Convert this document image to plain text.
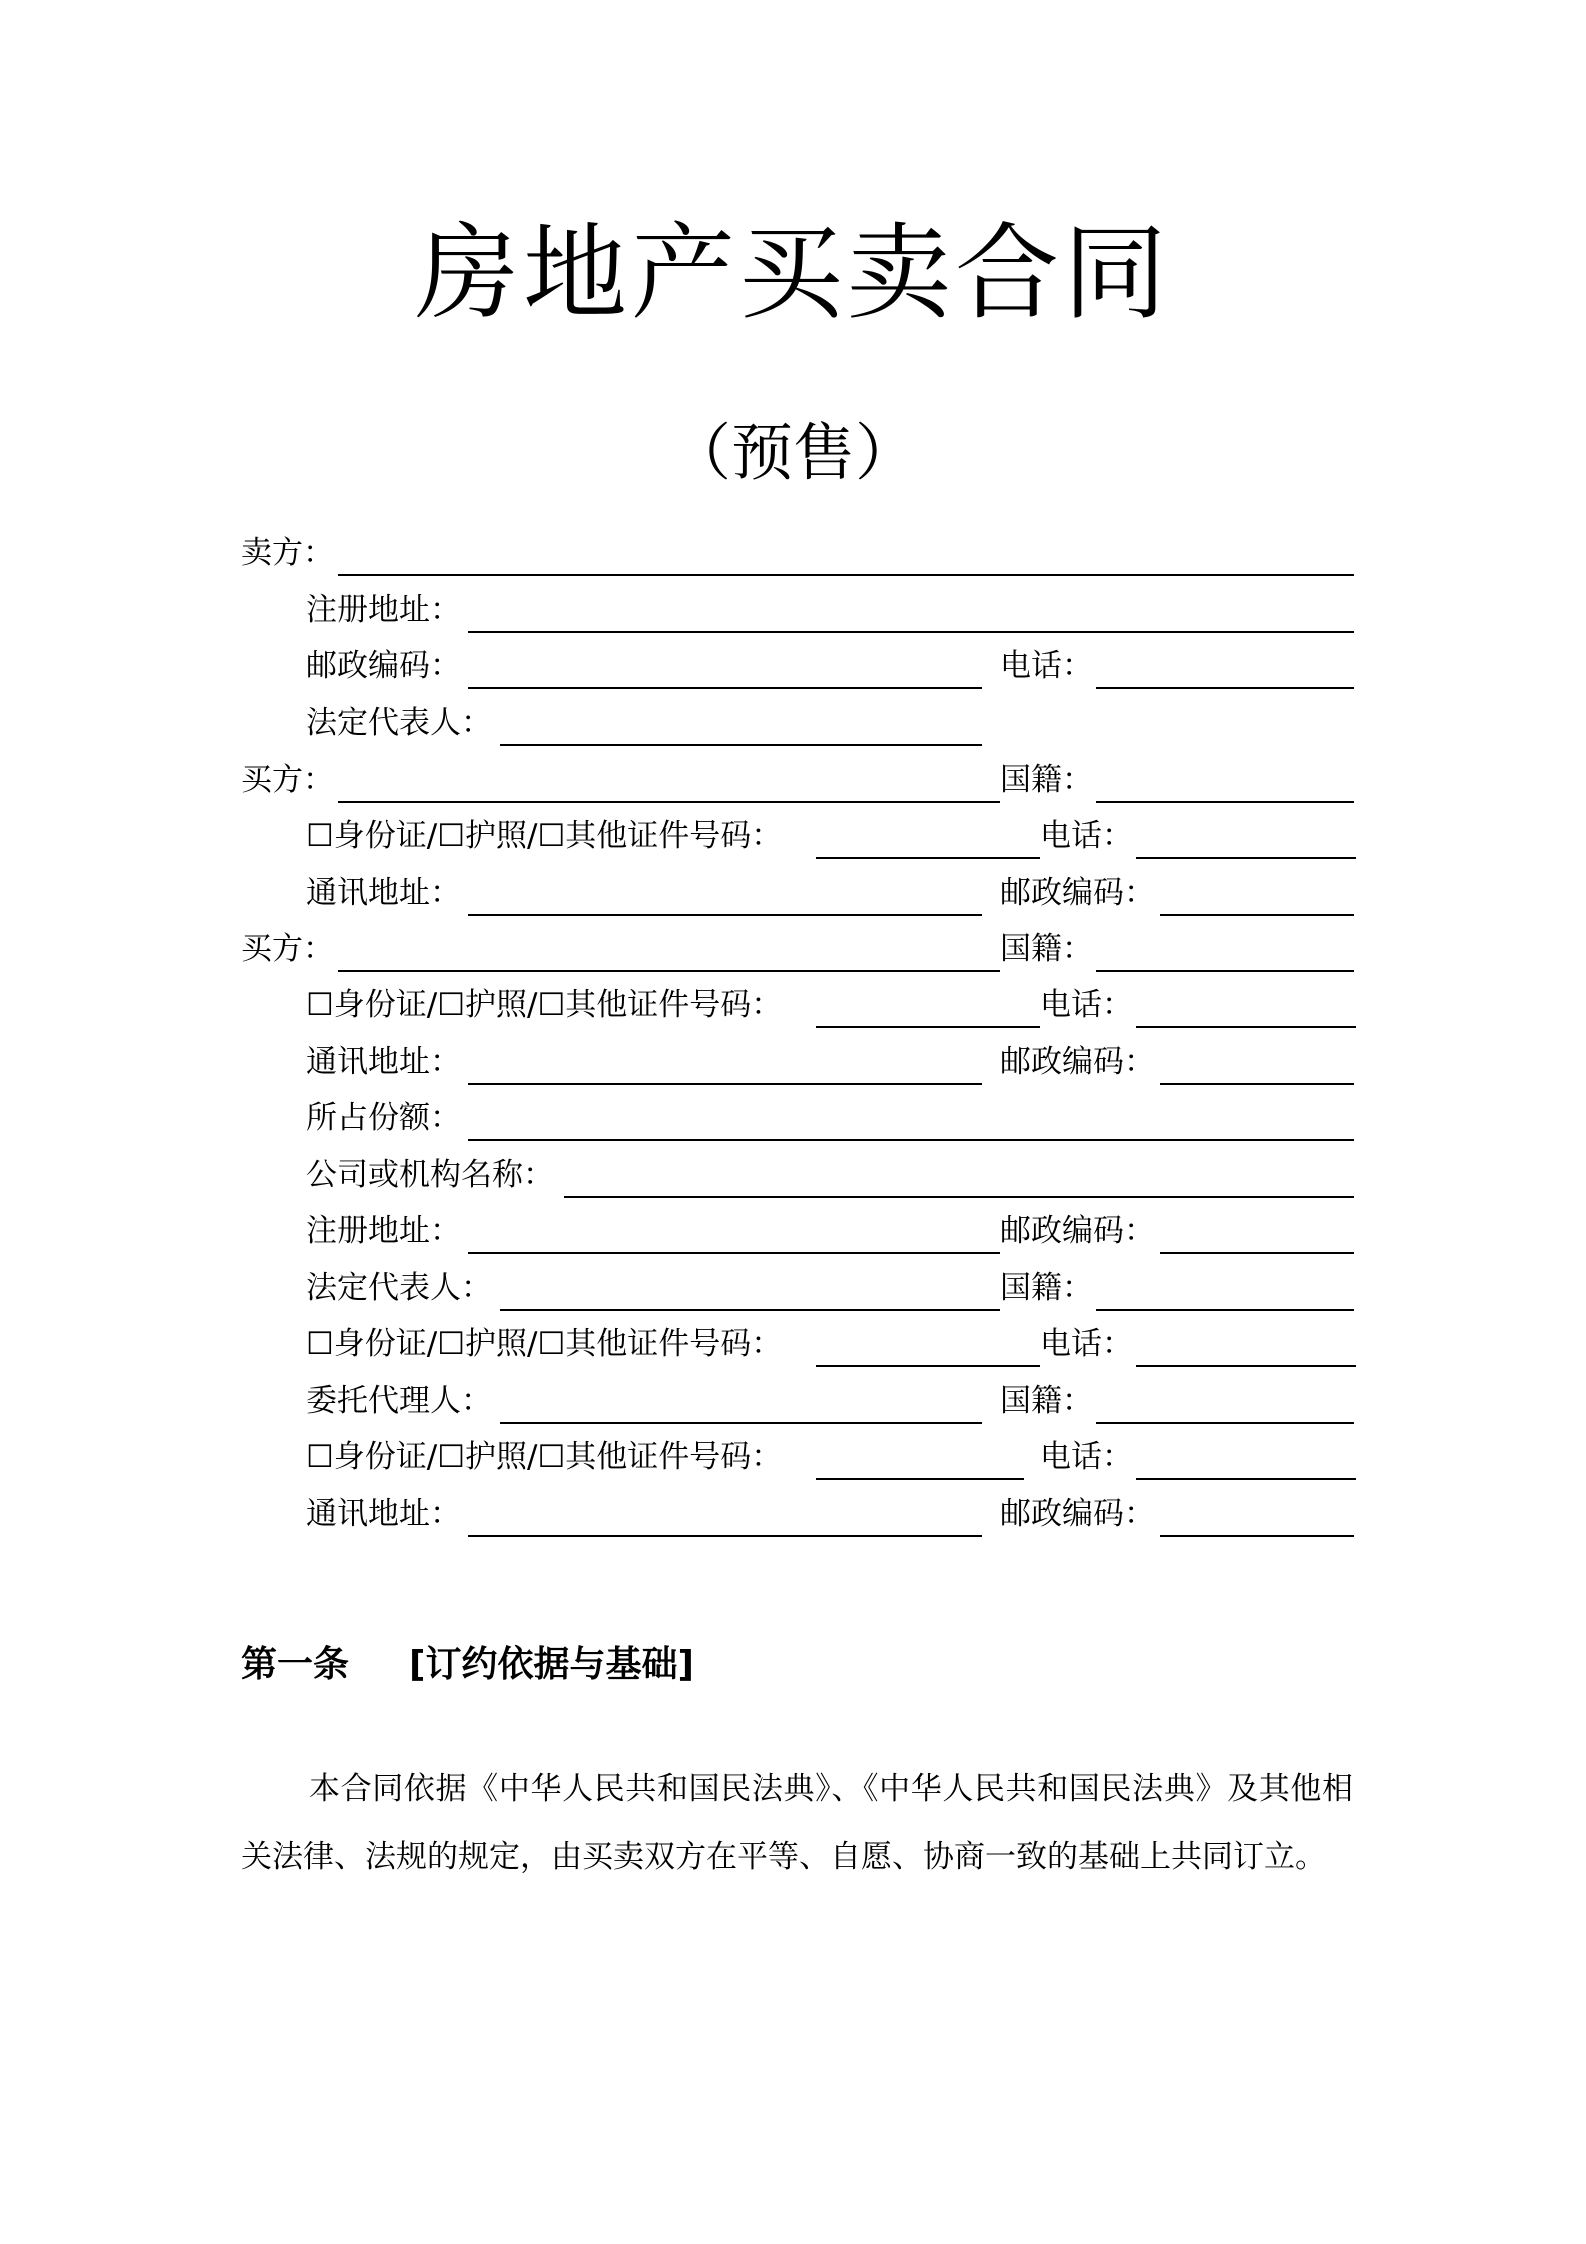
房地产买卖合同
（预售）
卖方：
注册地址：
邮政编码：	电话：
法定代表人：
买方：	国籍：
☐身份证/☐护照/☐其他证件号码：	电话：
通讯地址：	邮政编码：
买方：	国籍：
☐身份证/☐护照/☐其他证件号码：	电话：
通讯地址：	邮政编码：
所占份额：
公司或机构名称：
注册地址：	邮政编码：
法定代表人：	国籍：
☐身份证/☐护照/☐其他证件号码：	电话：
委托代理人：	国籍：
☐身份证/☐护照/☐其他证件号码：	电话：
通讯地址：	邮政编码：
第一条 [订约依据与基础]

本合同依据《中华人民共和国民法典》、《中华人民共和国民法典》及其他相关法律、法规的规定，由买卖双方在平等、自愿、协商一致的基础上共同订立。
